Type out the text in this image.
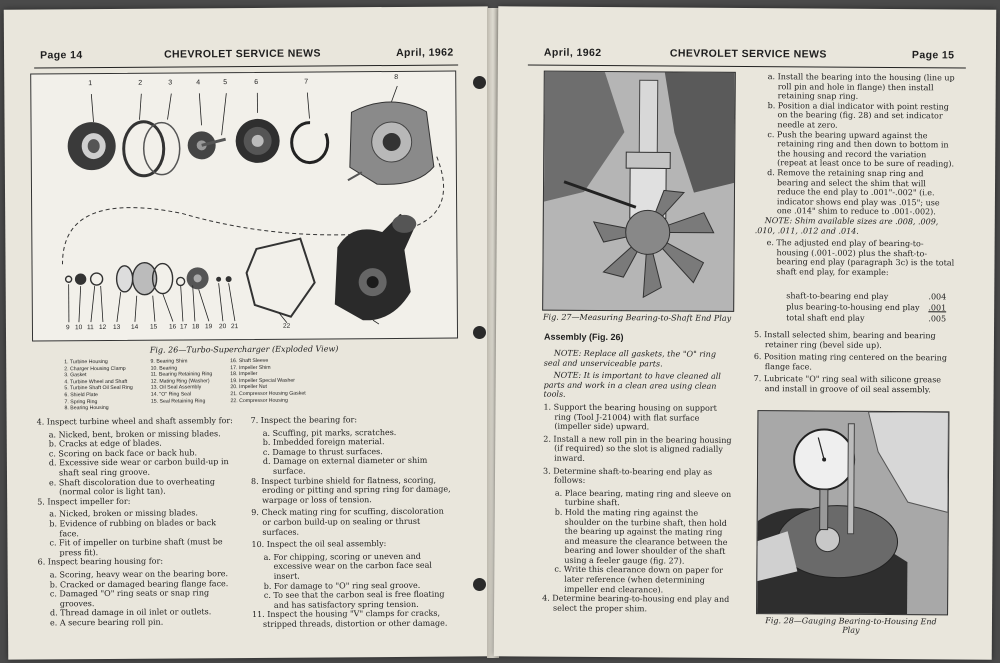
Page 14	CHEVROLET SERVICE NEWS	April, 1962
1	2	3	4	5	6	7
8
9 10 11 12 13 14 15 16 17 18 19 20 21	22
Fig. 26—Turbo-Supercharger (Exploded View)
1. Turbine Housing
2. Charger Housing Clamp
3. Gasket
4. Turbine Wheel and Shaft
5. Turbine Shaft Oil Seal Ring
6. Shield Plate
7. Spring Ring
8. Bearing Housing
9. Bearing Shim
10. Bearing
11. Bearing Retaining Ring
12. Mating Ring (Washer)
13. Oil Seal Assembly
14. "O" Ring Seal
15. Seal Retaining Ring
16. Shaft Sleeve
17. Impeller Shim
18. Impeller
19. Impeller Special Washer
20. Impeller Nut
21. Compressor Housing Gasket
22. Compressor Housing

4. Inspect turbine wheel and shaft assembly for:

a. Nicked, bent, broken or missing blades.

b. Cracks at edge of blades.

c. Scoring on back face or back hub.

d. Excessive side wear or carbon build-up in shaft seal ring groove.

e. Shaft discoloration due to overheating (normal color is light tan).

5. Inspect impeller for:

a. Nicked, broken or missing blades.

b. Evidence of rubbing on blades or back face.

c. Fit of impeller on turbine shaft (must be press fit).

6. Inspect bearing housing for:

a. Scoring, heavy wear on the bearing bore.

b. Cracked or damaged bearing flange face.

c. Damaged "O" ring seats or snap ring grooves.

d. Thread damage in oil inlet or outlets.

e. A secure bearing roll pin.

7. Inspect the bearing for:

a. Scuffing, pit marks, scratches.

b. Imbedded foreign material.

c. Damage to thrust surfaces.

d. Damage on external diameter or shim surface.

8. Inspect turbine shield for flatness, scoring, eroding or pitting and spring ring for damage, warpage or loss of tension.

9. Check mating ring for scuffing, discoloration or carbon build-up on sealing or thrust surfaces.

10. Inspect the oil seal assembly:

a. For chipping, scoring or uneven and excessive wear on the carbon face seal insert.

b. For damage to "O" ring seal groove.

c. To see that the carbon seal is free floating and has satisfactory spring tension.

11. Inspect the housing "V" clamps for cracks, stripped threads, distortion or other damage.

April, 1962	CHEVROLET SERVICE NEWS	Page 15
Fig. 27—Measuring Bearing-to-Shaft End Play
Assembly (Fig. 26)

NOTE: Replace all gaskets, the "O" ring seal and unserviceable parts.

NOTE: It is important to have cleaned all parts and work in a clean area using clean tools.

1. Support the bearing housing on support ring (Tool J-21004) with flat surface (impeller side) upward.

2. Install a new roll pin in the bearing housing (if required) so the slot is aligned radially inward.

3. Determine shaft-to-bearing end play as follows:

a. Place bearing, mating ring and sleeve on turbine shaft.

b. Hold the mating ring against the shoulder on the turbine shaft, then hold the bearing up against the mating ring and measure the clearance between the bearing and lower shoulder of the shaft using a feeler gauge (fig. 27).

c. Write this clearance down on paper for later reference (when determining impeller end clearance).

4. Determine bearing-to-housing end play and select the proper shim.

a. Install the bearing into the housing (line up roll pin and hole in flange) then install retaining snap ring.

b. Position a dial indicator with point resting on the bearing (fig. 28) and set indicator needle at zero.

c. Push the bearing upward against the retaining ring and then down to bottom in the housing and record the variation (repeat at least once to be sure of reading).

d. Remove the retaining snap ring and bearing and select the shim that will reduce the end play to .001"-.002" (i.e. indicator shows end play was .015"; use one .014" shim to reduce to .001-.002).

NOTE: Shim available sizes are .008, .009, .010, .011, .012 and .014.

e. The adjusted end play of bearing-to-housing (.001-.002) plus the shaft-to-bearing end play (paragraph 3c) is the total shaft end play, for example:

shaft-to-bearing end play	.004
plus bearing-to-housing end play .001
total shaft end play	.005

5. Install selected shim, bearing and bearing retainer ring (bevel side up).

6. Position mating ring centered on the bearing flange face.

7. Lubricate "O" ring seal with silicone grease and install in groove of oil seal assembly.

Fig. 28—Gauging Bearing-to-Housing End Play
